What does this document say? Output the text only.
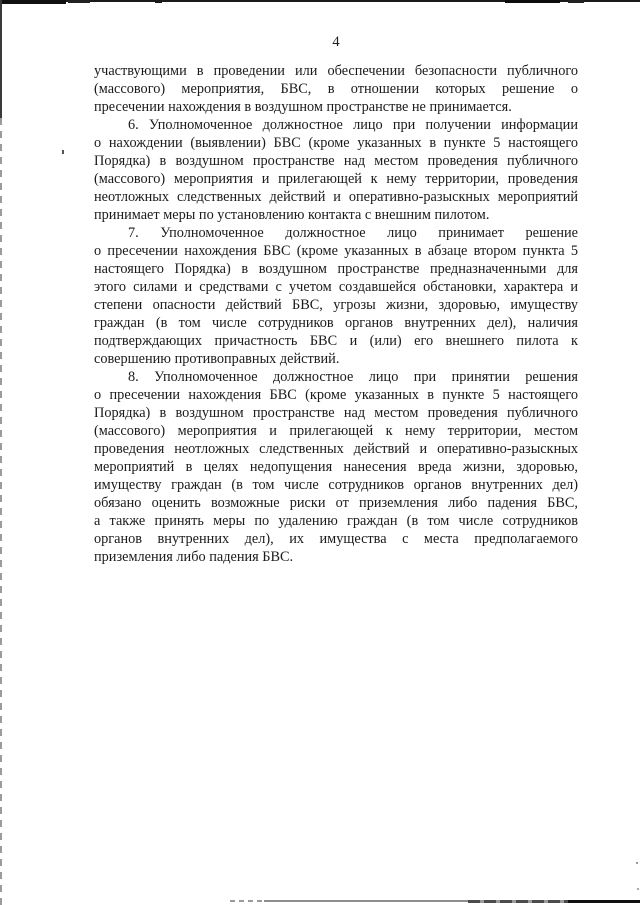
4
участвующими в проведении или обеспечении безопасности публичного
(массового) мероприятия, БВС, в отношении которых решение о
пресечении нахождения в воздушном пространстве не принимается.
6. Уполномоченное должностное лицо при получении информации
о нахождении (выявлении) БВС (кроме указанных в пункте 5 настоящего
Порядка) в воздушном пространстве над местом проведения публичного
(массового) мероприятия и прилегающей к нему территории, проведения
неотложных следственных действий и оперативно-разыскных мероприятий
принимает меры по установлению контакта с внешним пилотом.
7. Уполномоченное должностное лицо принимает решение
о пресечении нахождения БВС (кроме указанных в абзаце втором пункта 5
настоящего Порядка) в воздушном пространстве предназначенными для
этого силами и средствами с учетом создавшейся обстановки, характера и
степени опасности действий БВС, угрозы жизни, здоровью, имуществу
граждан (в том числе сотрудников органов внутренних дел), наличия
подтверждающих причастность БВС и (или) его внешнего пилота к
совершению противоправных действий.
8. Уполномоченное должностное лицо при принятии решения
о пресечении нахождения БВС (кроме указанных в пункте 5 настоящего
Порядка) в воздушном пространстве над местом проведения публичного
(массового) мероприятия и прилегающей к нему территории, местом
проведения неотложных следственных действий и оперативно-разыскных
мероприятий в целях недопущения нанесения вреда жизни, здоровью,
имуществу граждан (в том числе сотрудников органов внутренних дел)
обязано оценить возможные риски от приземления либо падения БВС,
а также принять меры по удалению граждан (в том числе сотрудников
органов внутренних дел), их имущества с места предполагаемого
приземления либо падения БВС.
